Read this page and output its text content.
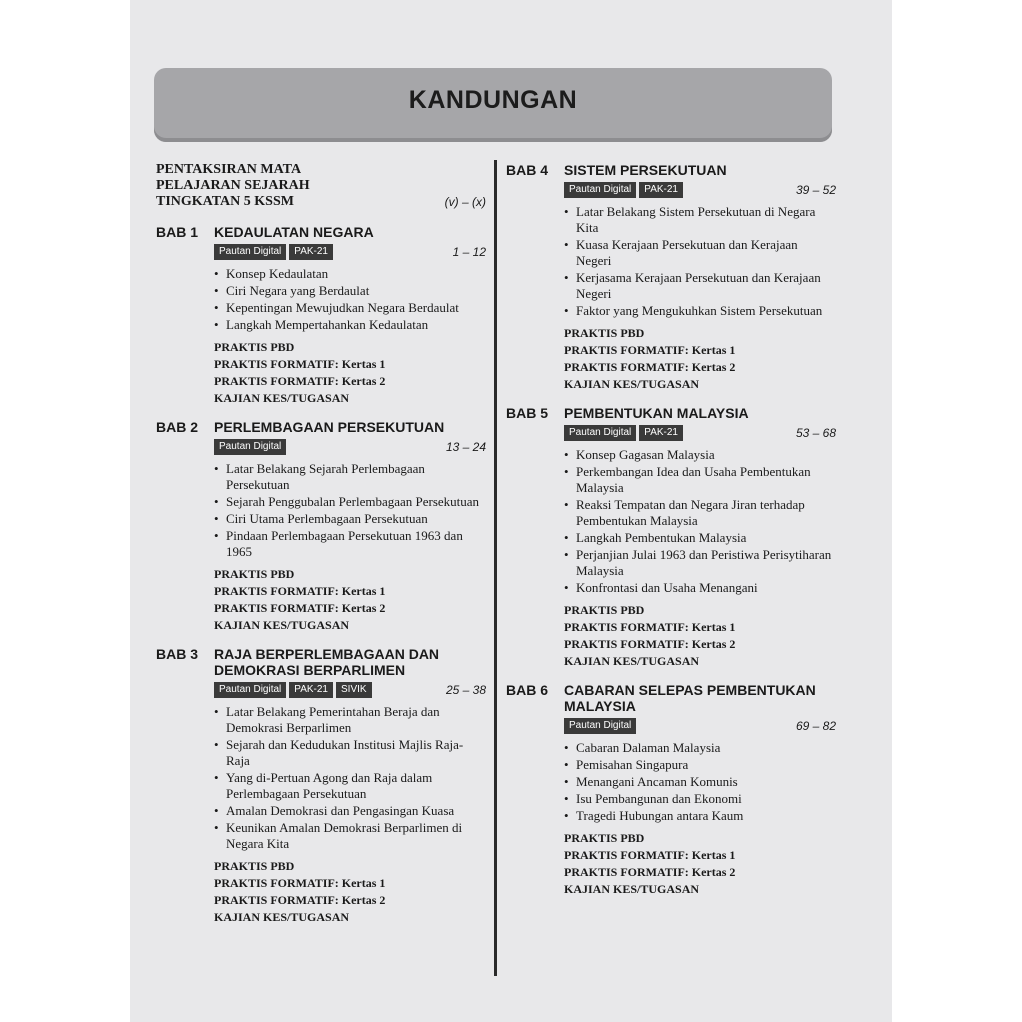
KANDUNGAN
PENTAKSIRAN MATA PELAJARAN SEJARAH TINGKATAN 5 KSSM	(v) – (x)
BAB 1 KEDAULATAN NEGARA
Pautan Digital PAK-21	1 – 12
• Konsep Kedaulatan
• Ciri Negara yang Berdaulat
• Kepentingan Mewujudkan Negara Berdaulat
• Langkah Mempertahankan Kedaulatan
PRAKTIS PBD
PRAKTIS FORMATIF: Kertas 1
PRAKTIS FORMATIF: Kertas 2
KAJIAN KES/TUGASAN
BAB 2 PERLEMBAGAAN PERSEKUTUAN
Pautan Digital	13 – 24
• Latar Belakang Sejarah Perlembagaan Persekutuan
• Sejarah Penggubalan Perlembagaan Persekutuan
• Ciri Utama Perlembagaan Persekutuan
• Pindaan Perlembagaan Persekutuan 1963 dan 1965
PRAKTIS PBD
PRAKTIS FORMATIF: Kertas 1
PRAKTIS FORMATIF: Kertas 2
KAJIAN KES/TUGASAN
BAB 3 RAJA BERPERLEMBAGAAN DAN DEMOKRASI BERPARLIMEN
Pautan Digital PAK-21 SIVIK	25 – 38
• Latar Belakang Pemerintahan Beraja dan Demokrasi Berparlimen
• Sejarah dan Kedudukan Institusi Majlis Raja-Raja
• Yang di-Pertuan Agong dan Raja dalam Perlembagaan Persekutuan
• Amalan Demokrasi dan Pengasingan Kuasa
• Keunikan Amalan Demokrasi Berparlimen di Negara Kita
PRAKTIS PBD
PRAKTIS FORMATIF: Kertas 1
PRAKTIS FORMATIF: Kertas 2
KAJIAN KES/TUGASAN
BAB 4 SISTEM PERSEKUTUAN
Pautan Digital PAK-21	39 – 52
• Latar Belakang Sistem Persekutuan di Negara Kita
• Kuasa Kerajaan Persekutuan dan Kerajaan Negeri
• Kerjasama Kerajaan Persekutuan dan Kerajaan Negeri
• Faktor yang Mengukuhkan Sistem Persekutuan
PRAKTIS PBD
PRAKTIS FORMATIF: Kertas 1
PRAKTIS FORMATIF: Kertas 2
KAJIAN KES/TUGASAN
BAB 5 PEMBENTUKAN MALAYSIA
Pautan Digital PAK-21	53 – 68
• Konsep Gagasan Malaysia
• Perkembangan Idea dan Usaha Pembentukan Malaysia
• Reaksi Tempatan dan Negara Jiran terhadap Pembentukan Malaysia
• Langkah Pembentukan Malaysia
• Perjanjian Julai 1963 dan Peristiwa Perisytiharan Malaysia
• Konfrontasi dan Usaha Menangani
PRAKTIS PBD
PRAKTIS FORMATIF: Kertas 1
PRAKTIS FORMATIF: Kertas 2
KAJIAN KES/TUGASAN
BAB 6 CABARAN SELEPAS PEMBENTUKAN MALAYSIA
Pautan Digital	69 – 82
• Cabaran Dalaman Malaysia
• Pemisahan Singapura
• Menangani Ancaman Komunis
• Isu Pembangunan dan Ekonomi
• Tragedi Hubungan antara Kaum
PRAKTIS PBD
PRAKTIS FORMATIF: Kertas 1
PRAKTIS FORMATIF: Kertas 2
KAJIAN KES/TUGASAN
